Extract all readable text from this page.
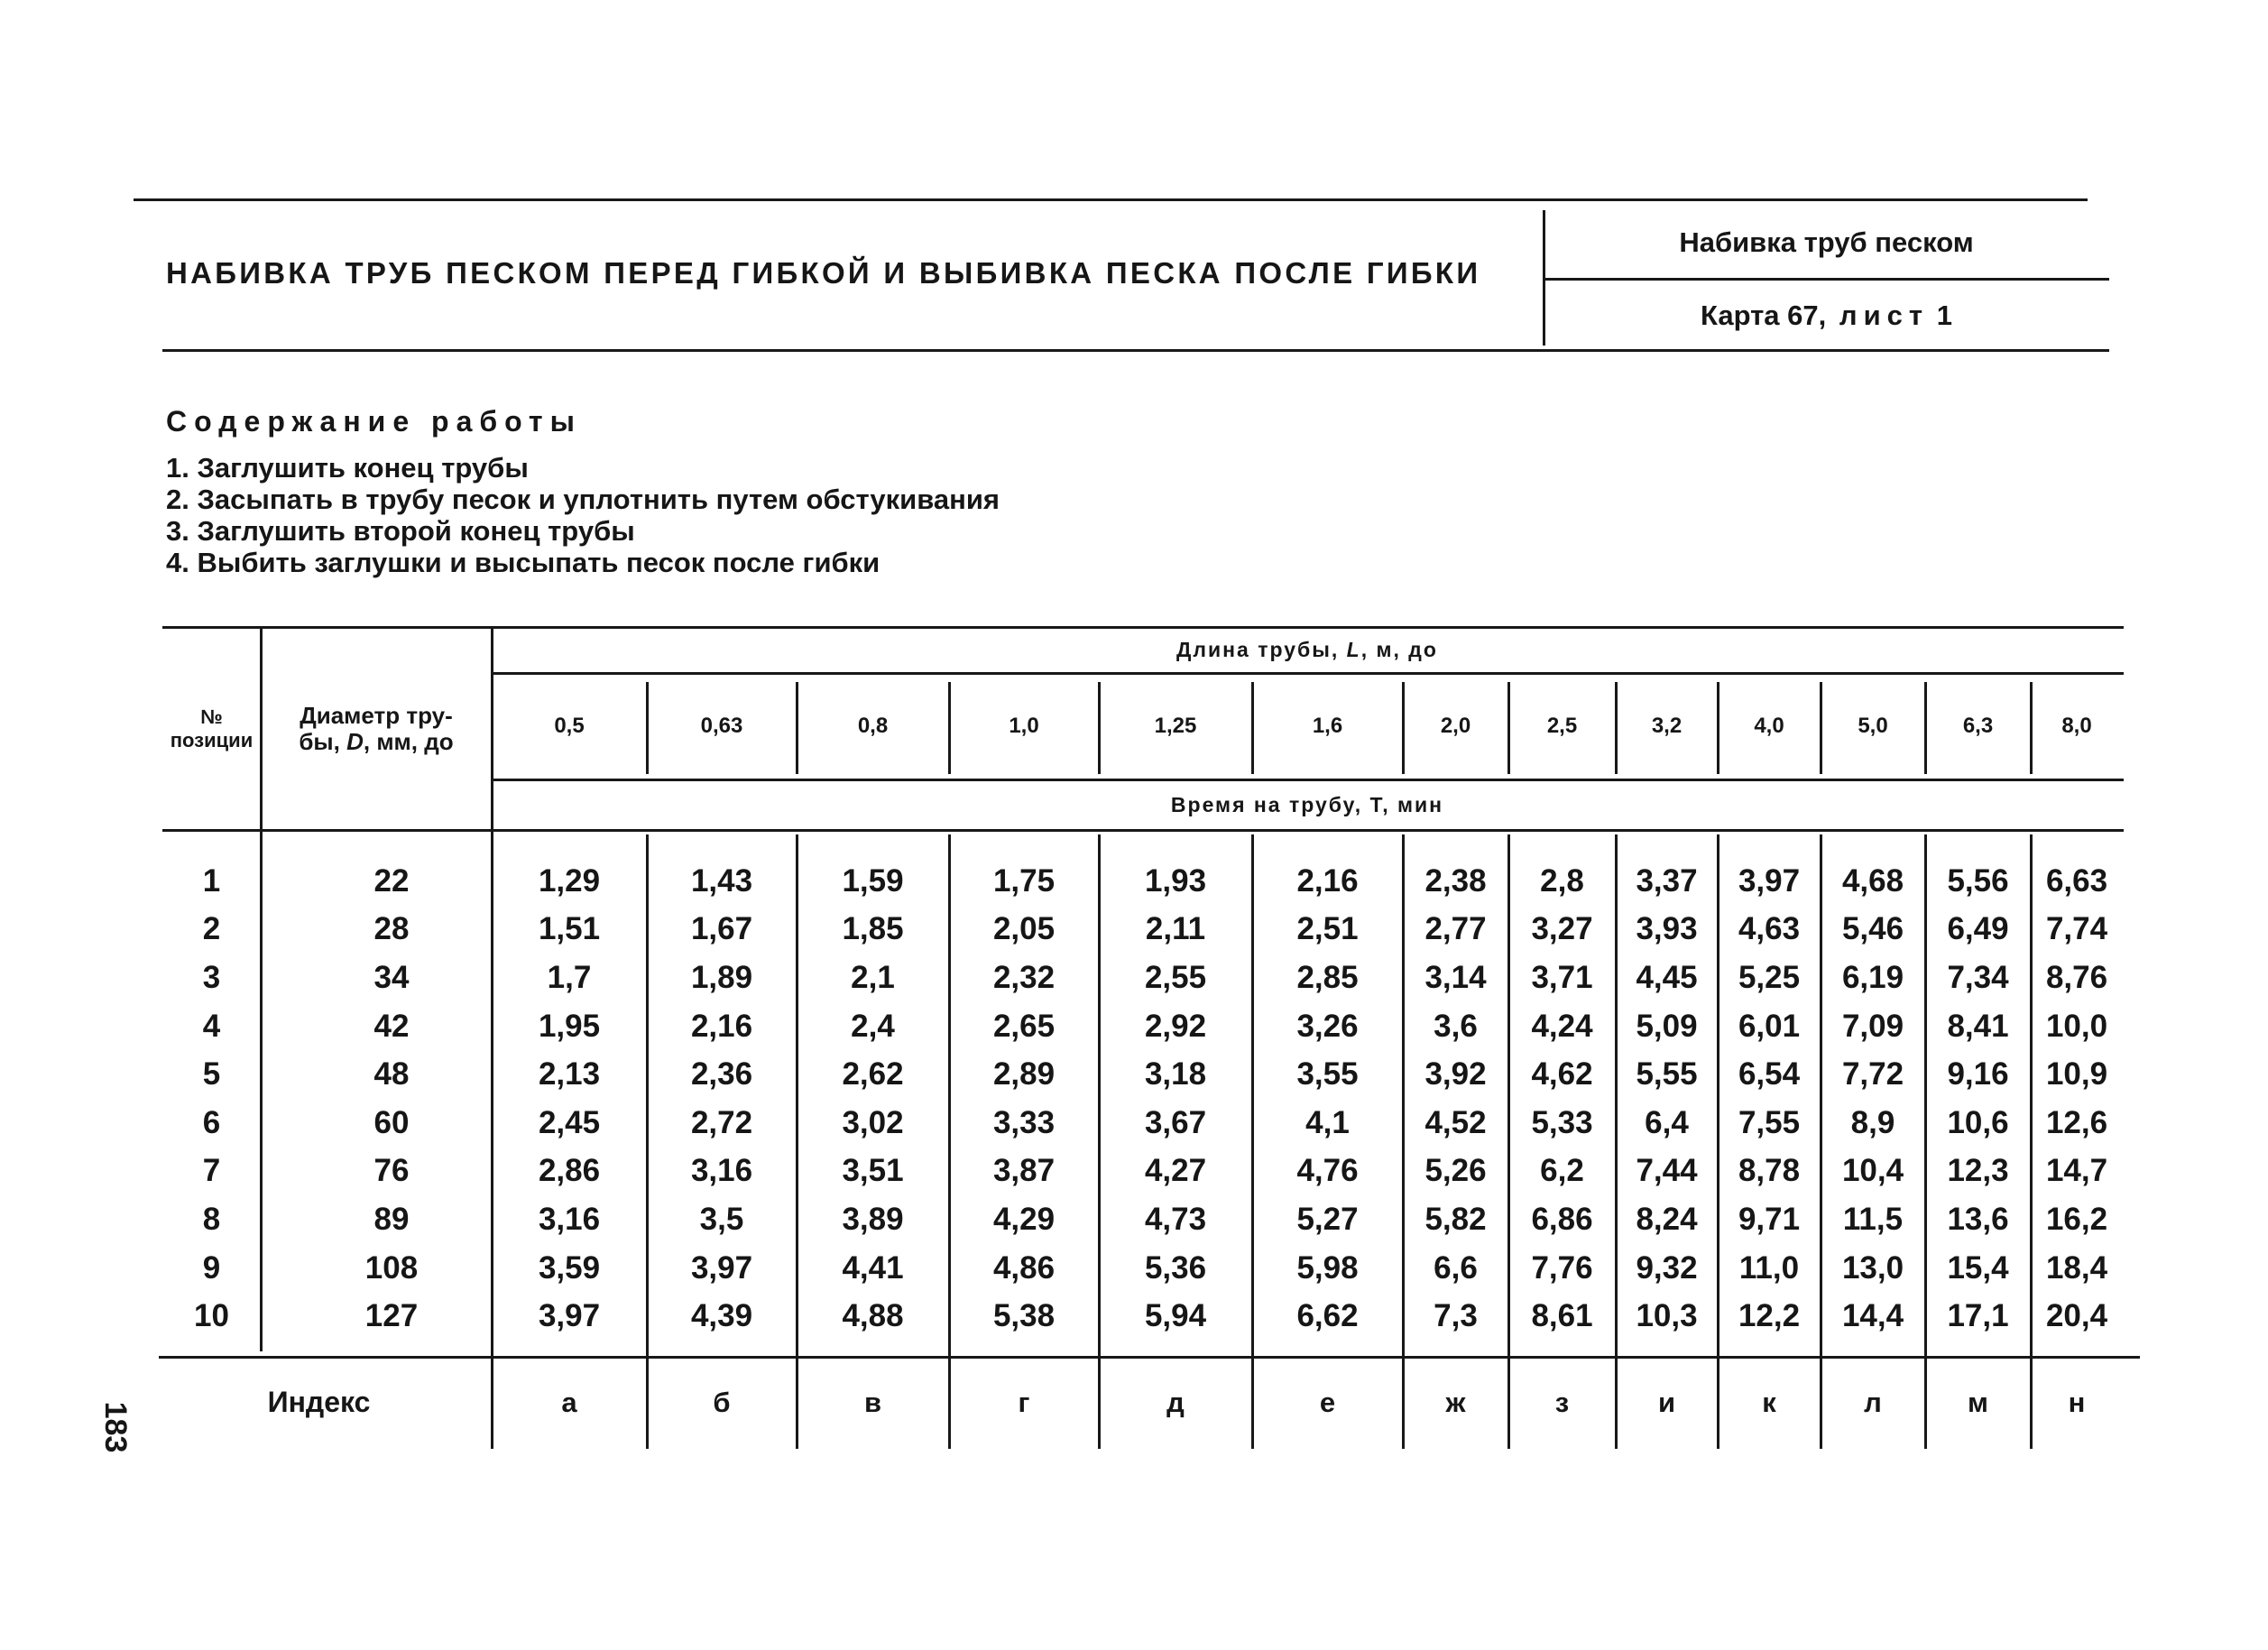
НАБИВКА ТРУБ ПЕСКОМ ПЕРЕД ГИБКОЙ И ВЫБИВКА ПЕСКА ПОСЛЕ ГИБКИ
Набивка труб песком
Карта 67, лист 1
Содержание работы
1. Заглушить конец трубы
2. Засыпать в трубу песок и уплотнить путем обстукивания
3. Заглушить второй конец трубы
4. Выбить заглушки и высыпать песок после гибки
№
позиции
Диаметр тру-
бы, D, мм, до
Длина трубы, L, м, до
0,5	0,63	0,8	1,0	1,25	1,6	2,0	2,5	3,2	4,0	5,0	6,3	8,0
Время на трубу, Т, мин
1	22	1,29	1,43	1,59	1,75	1,93	2,16	2,38	2,8	3,37	3,97	4,68	5,56	6,63
2	28	1,51	1,67	1,85	2,05	2,11	2,51	2,77	3,27	3,93	4,63	5,46	6,49	7,74
3	34	1,7	1,89	2,1	2,32	2,55	2,85	3,14	3,71	4,45	5,25	6,19	7,34	8,76
4	42	1,95	2,16	2,4	2,65	2,92	3,26	3,6	4,24	5,09	6,01	7,09	8,41	10,0
5	48	2,13	2,36	2,62	2,89	3,18	3,55	3,92	4,62	5,55	6,54	7,72	9,16	10,9
6	60	2,45	2,72	3,02	3,33	3,67	4,1	4,52	5,33	6,4	7,55	8,9	10,6	12,6
7	76	2,86	3,16	3,51	3,87	4,27	4,76	5,26	6,2	7,44	8,78	10,4	12,3	14,7
8	89	3,16	3,5	3,89	4,29	4,73	5,27	5,82	6,86	8,24	9,71	11,5	13,6	16,2
9	108	3,59	3,97	4,41	4,86	5,36	5,98	6,6	7,76	9,32	11,0	13,0	15,4	18,4
10	127	3,97	4,39	4,88	5,38	5,94	6,62	7,3	8,61	10,3	12,2	14,4	17,1	20,4
Индекс	а	б	в	г	д	е	ж	з	и	к	л	м	н
183
